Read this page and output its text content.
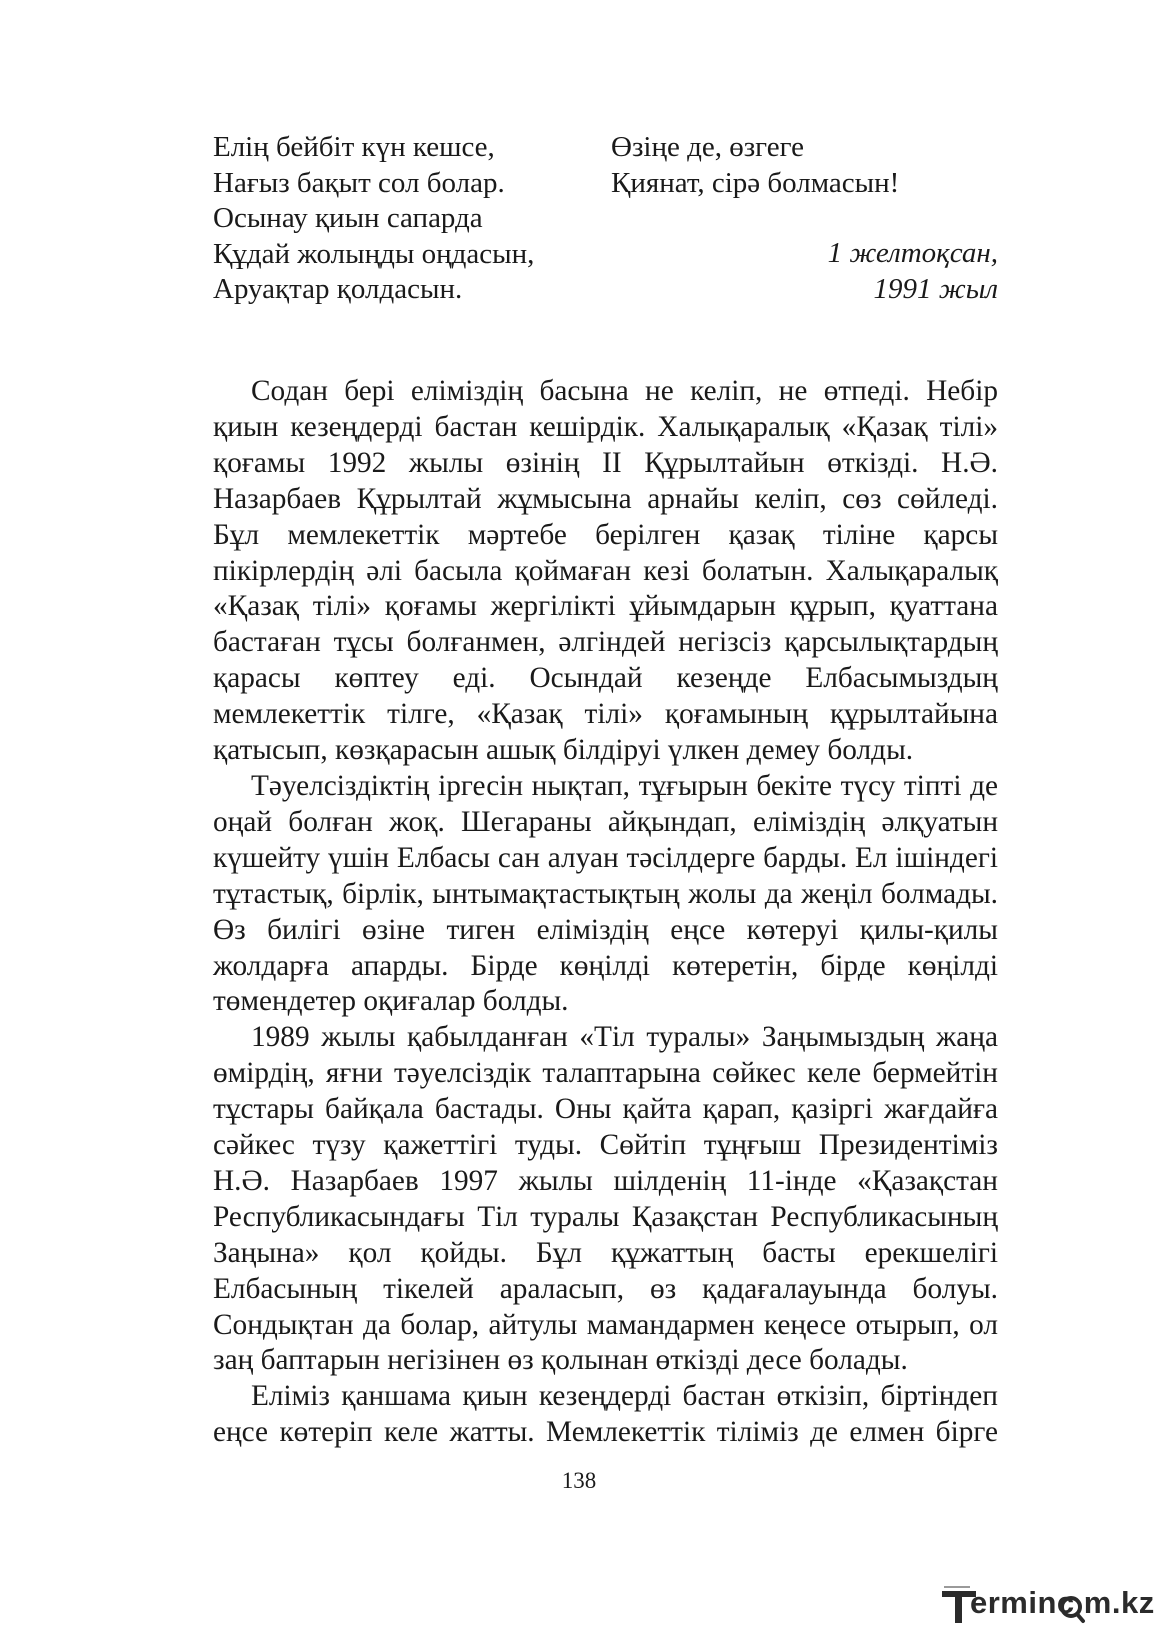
Елің бейбіт күн кешсе,
Нағыз бақыт сол болар.
Осынау қиын сапарда
Құдай жолыңды оңдасын,
Аруақтар қолдасын.
Өзіңе де, өзгеге
Қиянат, сірә болмасын!
1 желтоқсан,
1991 жыл

Содан бері еліміздің басына не келіп, не өтпеді. Небір қиын кезеңдерді бастан кешірдік. Халықаралық «Қазақ тілі» қоғамы 1992 жылы өзінің ІІ Құрылтайын өткізді. Н.Ә. Назарбаев Құрылтай жұмысына арнайы келіп, сөз сөйледі. Бұл мемлекеттік мәртебе берілген қазақ тіліне қарсы пікірлердің әлі басыла қоймаған кезі болатын. Халықаралық «Қазақ тілі» қоғамы жергілікті ұйымдарын құрып, қуаттана бастаған тұсы болғанмен, әлгіндей негізсіз қарсылықтардың қарасы көптеу еді. Осындай кезеңде Елбасымыздың мемлекеттік тілге, «Қазақ тілі» қоғамының құрылтайына қатысып, көзқарасын ашық білдіруі үлкен демеу болды.

Тәуелсіздіктің іргесін нықтап, тұғырын бекіте түсу тіпті де оңай болған жоқ. Шегараны айқындап, еліміздің әлқуатын күшейту үшін Елбасы сан алуан тәсілдерге барды. Ел ішіндегі тұтастық, бірлік, ынтымақтастықтың жолы да жеңіл болмады. Өз билігі өзіне тиген еліміздің еңсе көтеруі қилы-қилы жолдарға апарды. Бірде көңілді көтеретін, бірде көңілді төмендетер оқиғалар болды.

1989 жылы қабылданған «Тіл туралы» Заңымыздың жаңа өмірдің, яғни тәуелсіздік талаптарына сөйкес келе бермейтін тұстары байқала бастады. Оны қайта қарап, қазіргі жағдайға сәйкес түзу қажеттігі туды. Сөйтіп тұңғыш Президентіміз Н.Ә. Назарбаев 1997 жылы шілденің 11-інде «Қазақстан Республикасындағы Тіл туралы Қазақстан Республикасының Заңына» қол қойды. Бұл құжаттың басты ерекшелігі Елбасының тікелей араласып, өз қадағалауында болуы. Сондықтан да болар, айтулы мамандармен кеңесе отырып, ол заң баптарын негізінен өз қолынан өткізді десе болады.

Еліміз қаншама қиын кезеңдерді бастан өткізіп, біртіндеп еңсе көтеріп келе жатты. Мемлекеттік тіліміз де елмен бірге

138
erminc m.kz
